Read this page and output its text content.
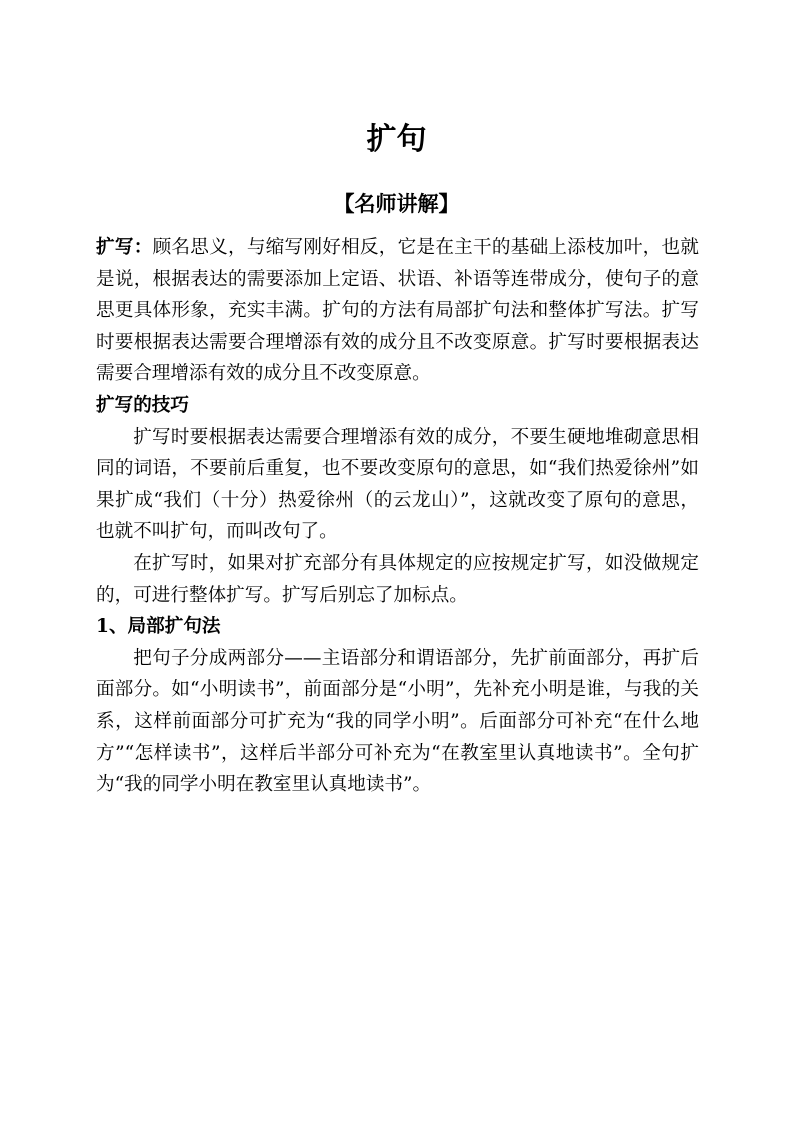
扩句
【名师讲解】

扩写：顾名思义，与缩写刚好相反，它是在主干的基础上添枝加叶，也就是说，根据表达的需要添加上定语、状语、补语等连带成分，使句子的意思更具体形象，充实丰满。扩句的方法有局部扩句法和整体扩写法。扩写时要根据表达需要合理增添有效的成分且不改变原意。扩写时要根据表达需要合理增添有效的成分且不改变原意。

扩写的技巧

扩写时要根据表达需要合理增添有效的成分，不要生硬地堆砌意思相同的词语，不要前后重复，也不要改变原句的意思，如“我们热爱徐州”如果扩成“我们（十分）热爱徐州（的云龙山）”，这就改变了原句的意思，也就不叫扩句，而叫改句了。

在扩写时，如果对扩充部分有具体规定的应按规定扩写，如没做规定的，可进行整体扩写。扩写后别忘了加标点。

1、局部扩句法

把句子分成两部分——主语部分和谓语部分，先扩前面部分，再扩后面部分。如“小明读书”，前面部分是“小明”，先补充小明是谁，与我的关系，这样前面部分可扩充为“我的同学小明”。后面部分可补充“在什么地方”“怎样读书”，这样后半部分可补充为“在教室里认真地读书”。全句扩为“我的同学小明在教室里认真地读书”。
